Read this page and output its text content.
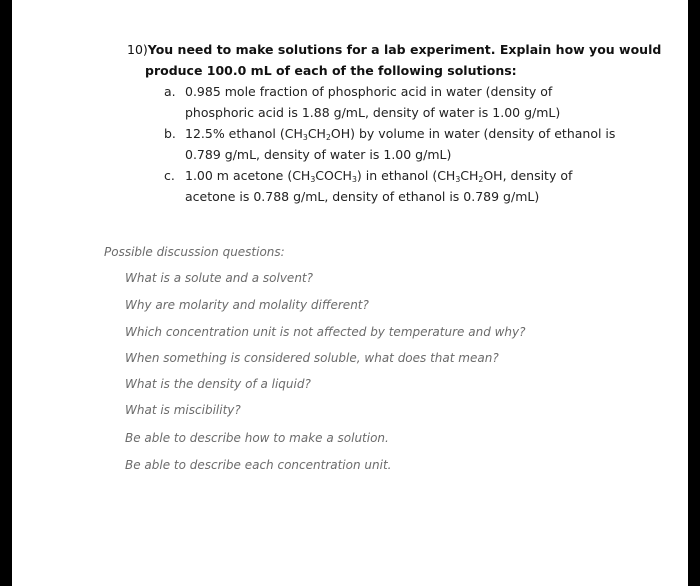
10)You need to make solutions for a lab experiment. Explain how you would
produce 100.0 mL of each of the following solutions:
a. 0.985 mole fraction of phosphoric acid in water (density of
phosphoric acid is 1.88 g/mL, density of water is 1.00 g/mL)
b. 12.5% ethanol $(CH_3CH_2OH)$ by volume in water (density of ethanol is
0.789 g/mL, density of water is 1.00 g/mL)
c. 1.00 m acetone $(CH_3COCH_3)$ in ethanol ($CH_3CH_2OH$, density of
acetone is 0.788 g/mL, density of ethanol is 0.789 g/mL)
Possible discussion questions:
What is a solute and a solvent?
Why are molarity and molality different?
Which concentration unit is not affected by temperature and why?
When something is considered soluble, what does that mean?
What is the density of a liquid?
What is miscibility?
Be able to describe how to make a solution.
Be able to describe each concentration unit.
